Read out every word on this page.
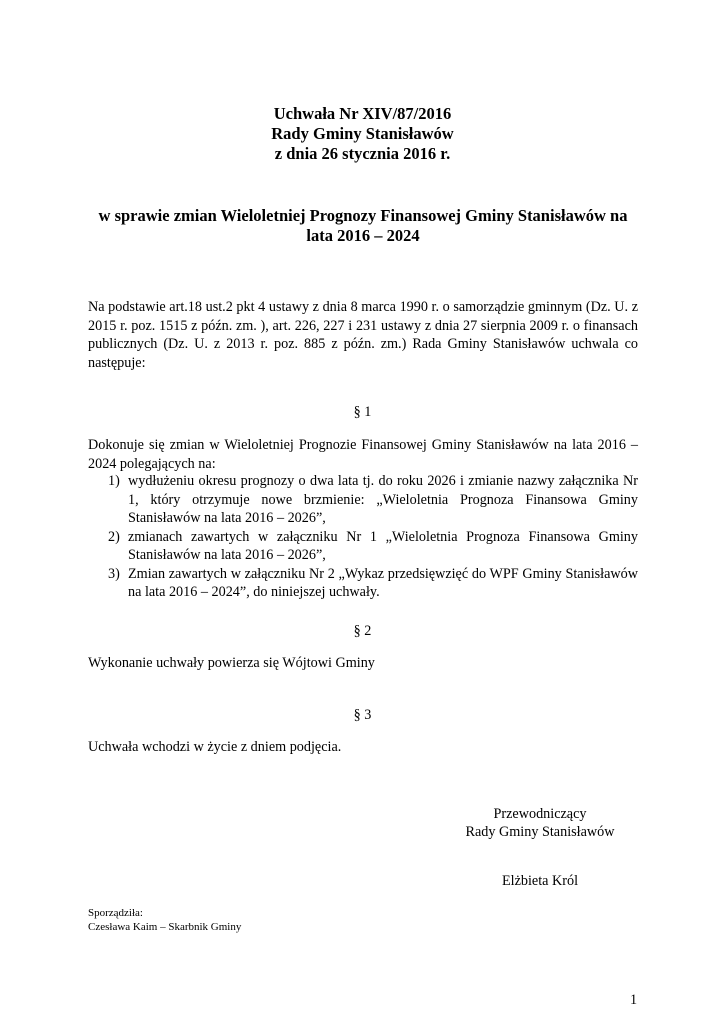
Uchwała Nr XIV/87/2016
Rady Gminy Stanisławów
z dnia 26 stycznia 2016 r.
w sprawie zmian Wieloletniej Prognozy Finansowej Gminy Stanisławów na
lata 2016 – 2024

Na podstawie art.18 ust.2 pkt 4 ustawy z dnia 8 marca 1990 r. o samorządzie gminnym (Dz. U. z 2015 r. poz. 1515 z późn. zm. ), art. 226, 227 i 231 ustawy z dnia 27 sierpnia 2009 r. o finansach publicznych (Dz. U. z 2013 r. poz. 885 z późn. zm.) Rada Gminy Stanisławów uchwala co następuje:

§ 1

Dokonuje się zmian w Wieloletniej Prognozie Finansowej Gminy Stanisławów na lata 2016 – 2024 polegających na:

1) wydłużeniu okresu prognozy o dwa lata tj. do roku 2026 i zmianie nazwy załącznika Nr 1, który otrzymuje nowe brzmienie: „Wieloletnia Prognoza Finansowa Gminy Stanisławów na lata 2016 – 2026”,
2) zmianach zawartych w załączniku Nr 1 „Wieloletnia Prognoza Finansowa Gminy Stanisławów na lata 2016 – 2026”,
3) Zmian zawartych w załączniku Nr 2 „Wykaz przedsięwzięć do WPF Gminy Stanisławów na lata 2016 – 2024”, do niniejszej uchwały.
§ 2

Wykonanie uchwały powierza się Wójtowi Gminy

§ 3

Uchwała wchodzi w życie z dniem podjęcia.

Przewodniczący
Rady Gminy Stanisławów
Elżbieta Król
Sporządziła:
Czesława Kaim – Skarbnik Gminy
1
